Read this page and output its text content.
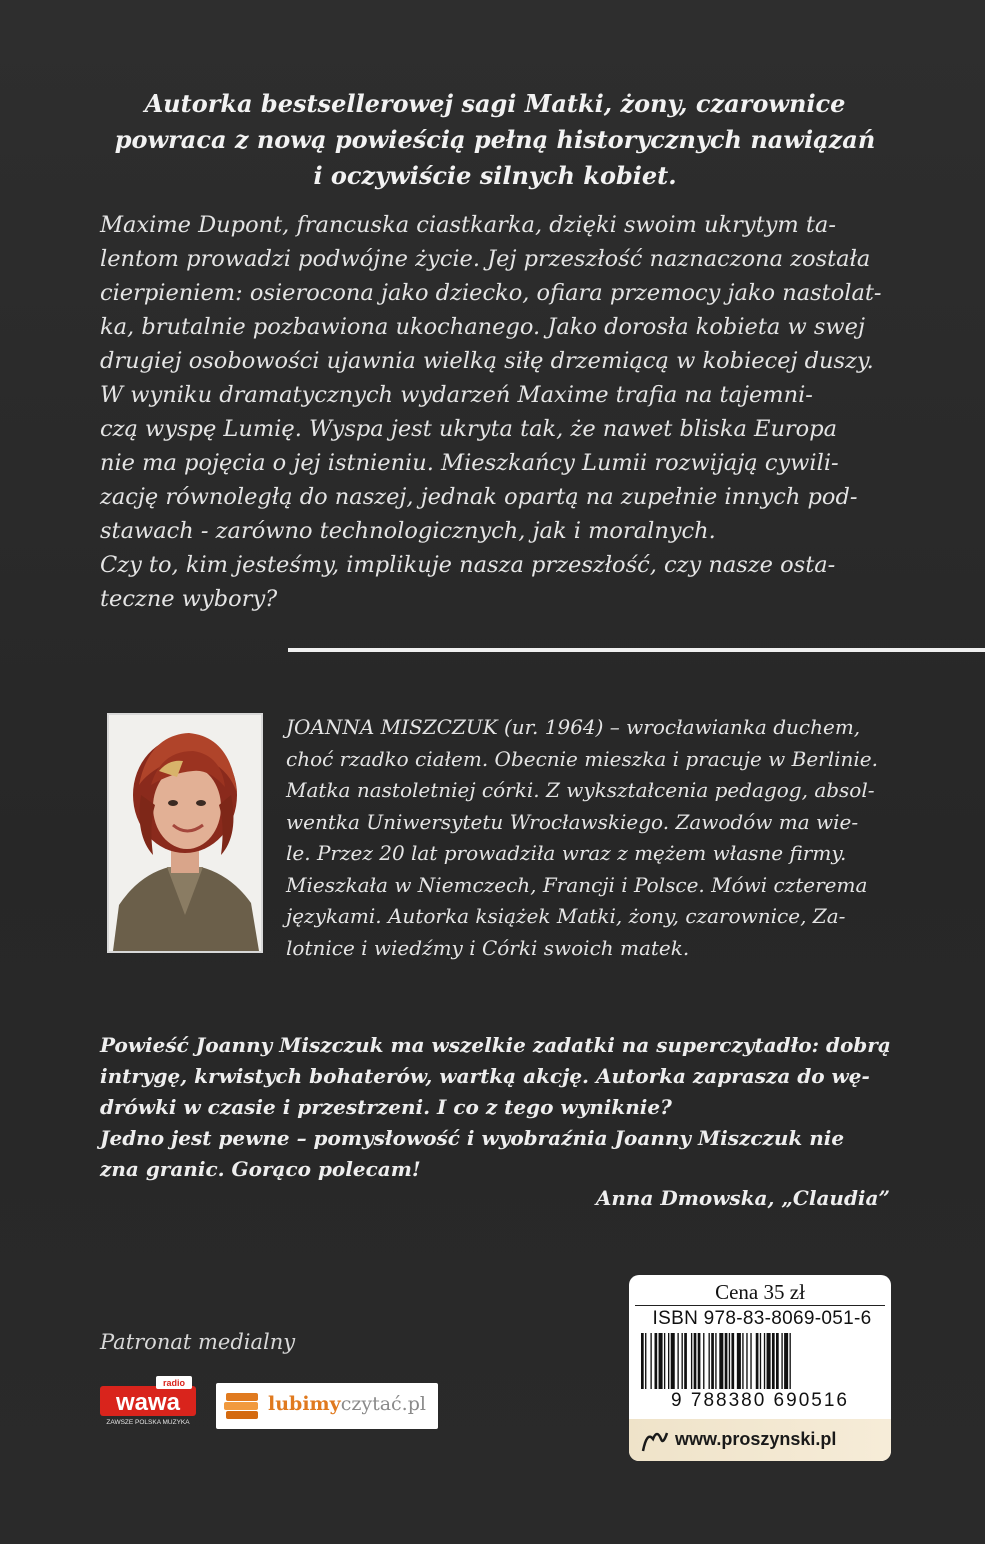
Autorka bestsellerowej sagi Matki, żony, czarownice
powraca z nową powieścią pełną historycznych nawiązań
i oczywiście silnych kobiet.
Maxime Dupont, francuska ciastkarka, dzięki swoim ukrytym ta-
lentom prowadzi podwójne życie. Jej przeszłość naznaczona została
cierpieniem: osierocona jako dziecko, ofiara przemocy jako nastolat-
ka, brutalnie pozbawiona ukochanego. Jako dorosła kobieta w swej
drugiej osobowości ujawnia wielką siłę drzemiącą w kobiecej duszy.
W wyniku dramatycznych wydarzeń Maxime trafia na tajemni-
czą wyspę Lumię. Wyspa jest ukryta tak, że nawet bliska Europa
nie ma pojęcia o jej istnieniu. Mieszkańcy Lumii rozwijają cywili-
zację równoległą do naszej, jednak opartą na zupełnie innych pod-
stawach - zarówno technologicznych, jak i moralnych.
Czy to, kim jesteśmy, implikuje nasza przeszłość, czy nasze osta-
teczne wybory?
JOANNA MISZCZUK (ur. 1964) – wrocławianka duchem,
choć rzadko ciałem. Obecnie mieszka i pracuje w Berlinie.
Matka nastoletniej córki. Z wykształcenia pedagog, absol-
wentka Uniwersytetu Wrocławskiego. Zawodów ma wie-
le. Przez 20 lat prowadziła wraz z mężem własne firmy.
Mieszkała w Niemczech, Francji i Polsce. Mówi czterema
językami. Autorka książek Matki, żony, czarownice, Za-
lotnice i wiedźmy i Córki swoich matek.
Powieść Joanny Miszczuk ma wszelkie zadatki na superczytadło: dobrą
intrygę, krwistych bohaterów, wartką akcję. Autorka zaprasza do wę-
drówki w czasie i przestrzeni. I co z tego wyniknie?
Jedno jest pewne – pomysłowość i wyobraźnia Joanny Miszczuk nie
zna granic. Gorąco polecam!
Anna Dmowska, „Claudia”
Patronat medialny
radio
wawa
ZAWSZE POLSKA MUZYKA
lubimyczytać.pl
Cena 35 zł
ISBN 978-83-8069-051-6
9 788380 690516
www.proszynski.pl
